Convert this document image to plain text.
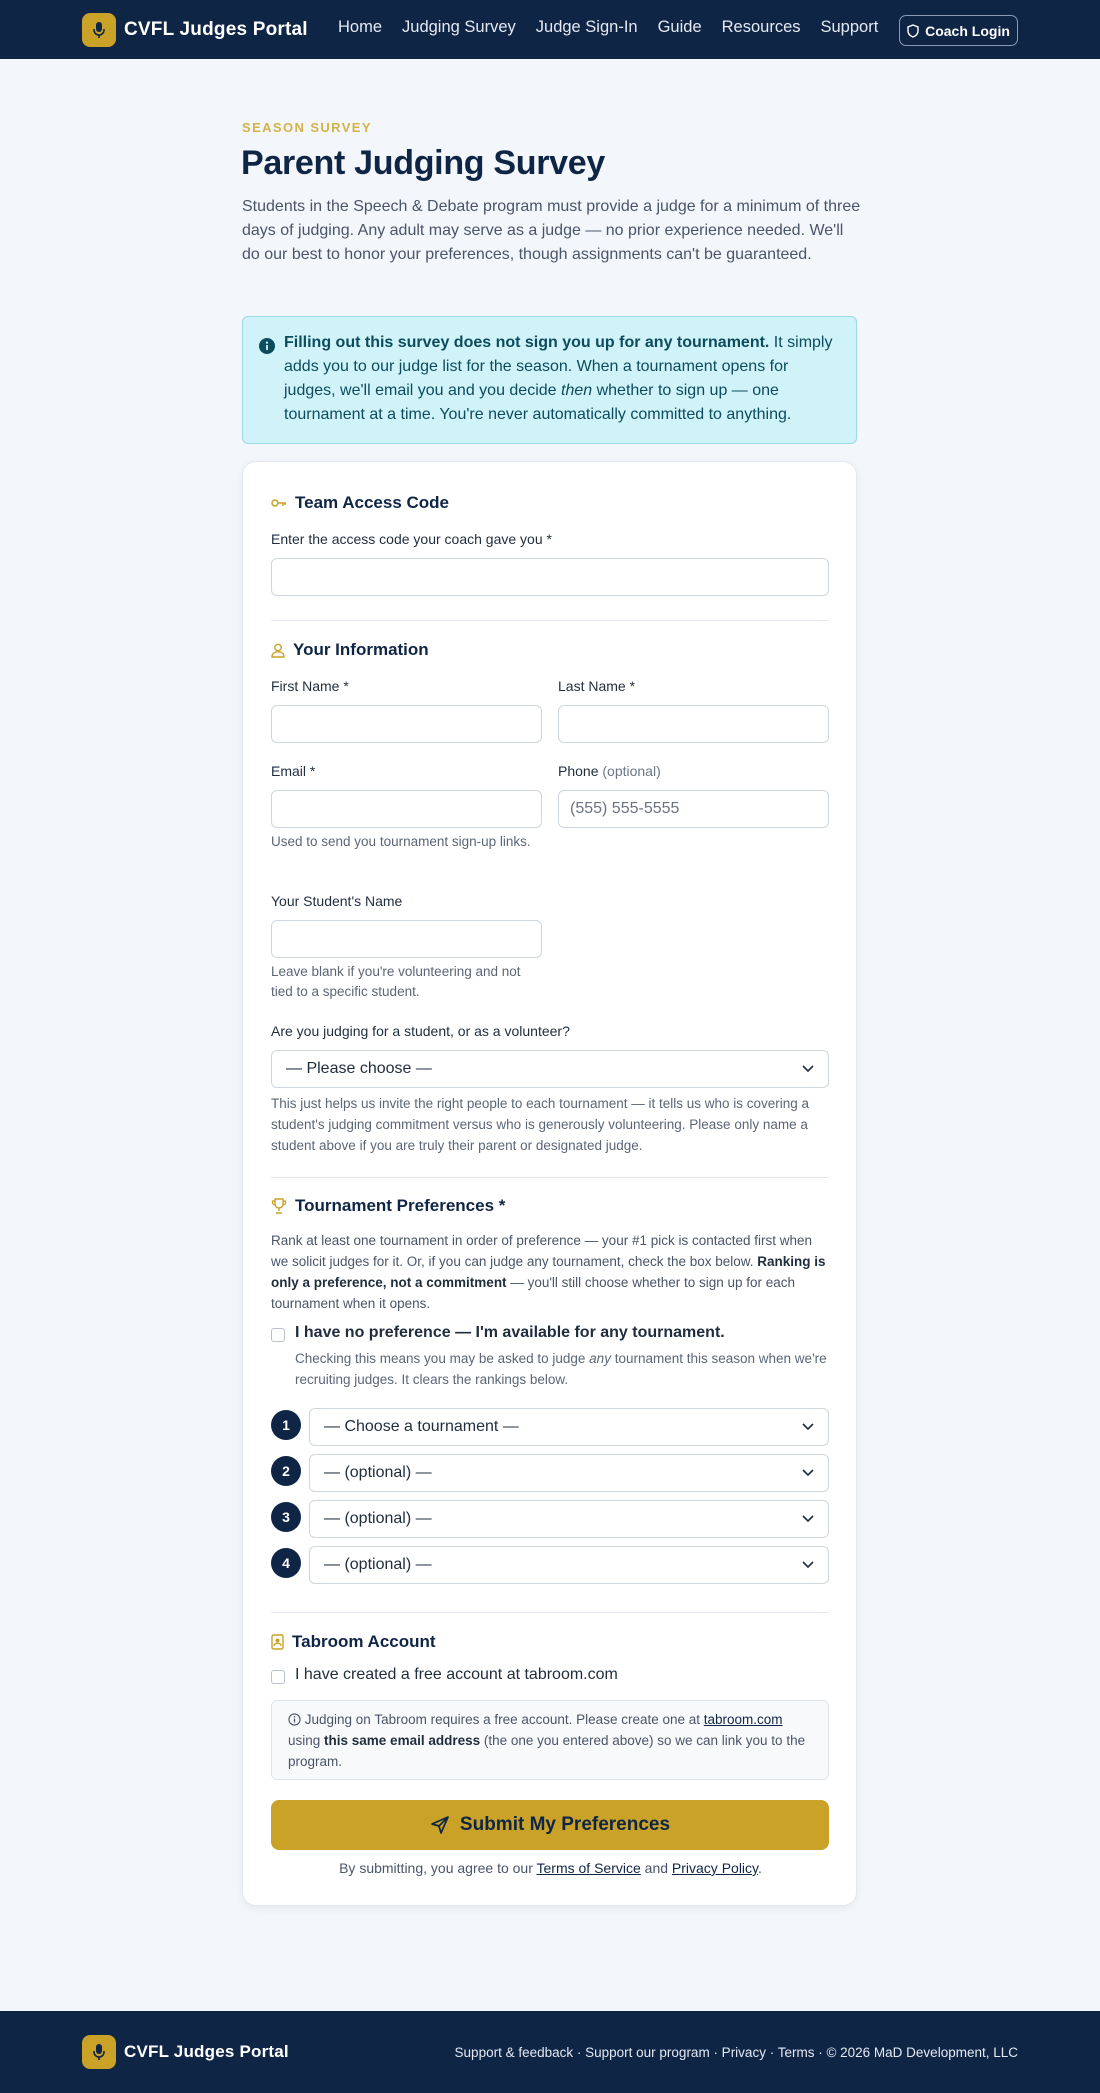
CVFL Judges Portal Home Judging Survey Judge Sign-In Guide Resources Support	Coach Login
SEASON SURVEY
Parent Judging Survey

Students in the Speech & Debate program must provide a judge for a minimum of three days of judging. Any adult may serve as a judge — no prior experience needed. We'll do our best to honor your preferences, though assignments can't be guaranteed.

Filling out this survey does not sign you up for any tournament. It simply adds you to our judge list for the season. When a tournament opens for judges, we'll email you and you decide then whether to sign up — one tournament at a time. You're never automatically committed to anything.

Team Access Code
Enter the access code your coach gave you *
Your Information
First Name *	Last Name *
Email *
Used to send you tournament sign-up links.
Phone (optional)
(555) 555-5555
Your Student's Name
Leave blank if you're volunteering and not tied to a specific student.
Are you judging for a student, or as a volunteer?
— Please choose —
This just helps us invite the right people to each tournament — it tells us who is covering a student's judging commitment versus who is generously volunteering. Please only name a student above if you are truly their parent or designated judge.
Tournament Preferences *

Rank at least one tournament in order of preference — your #1 pick is contacted first when we solicit judges for it. Or, if you can judge any tournament, check the box below. Ranking is only a preference, not a commitment — you'll still choose whether to sign up for each tournament when it opens.

I have no preference — I'm available for any tournament.

Checking this means you may be asked to judge any tournament this season when we're recruiting judges. It clears the rankings below.

1	— Choose a tournament —
2	— (optional) —
3	— (optional) —
4	— (optional) —
Tabroom Account
I have created a free account at tabroom.com

Judging on Tabroom requires a free account. Please create one at tabroom.com using this same email address (the one you entered above) so we can link you to the program.

Submit My Preferences

By submitting, you agree to our Terms of Service and Privacy Policy.

CVFL Judges Portal	Support & feedback · Support our program · Privacy · Terms · © 2026 MaD Development, LLC
